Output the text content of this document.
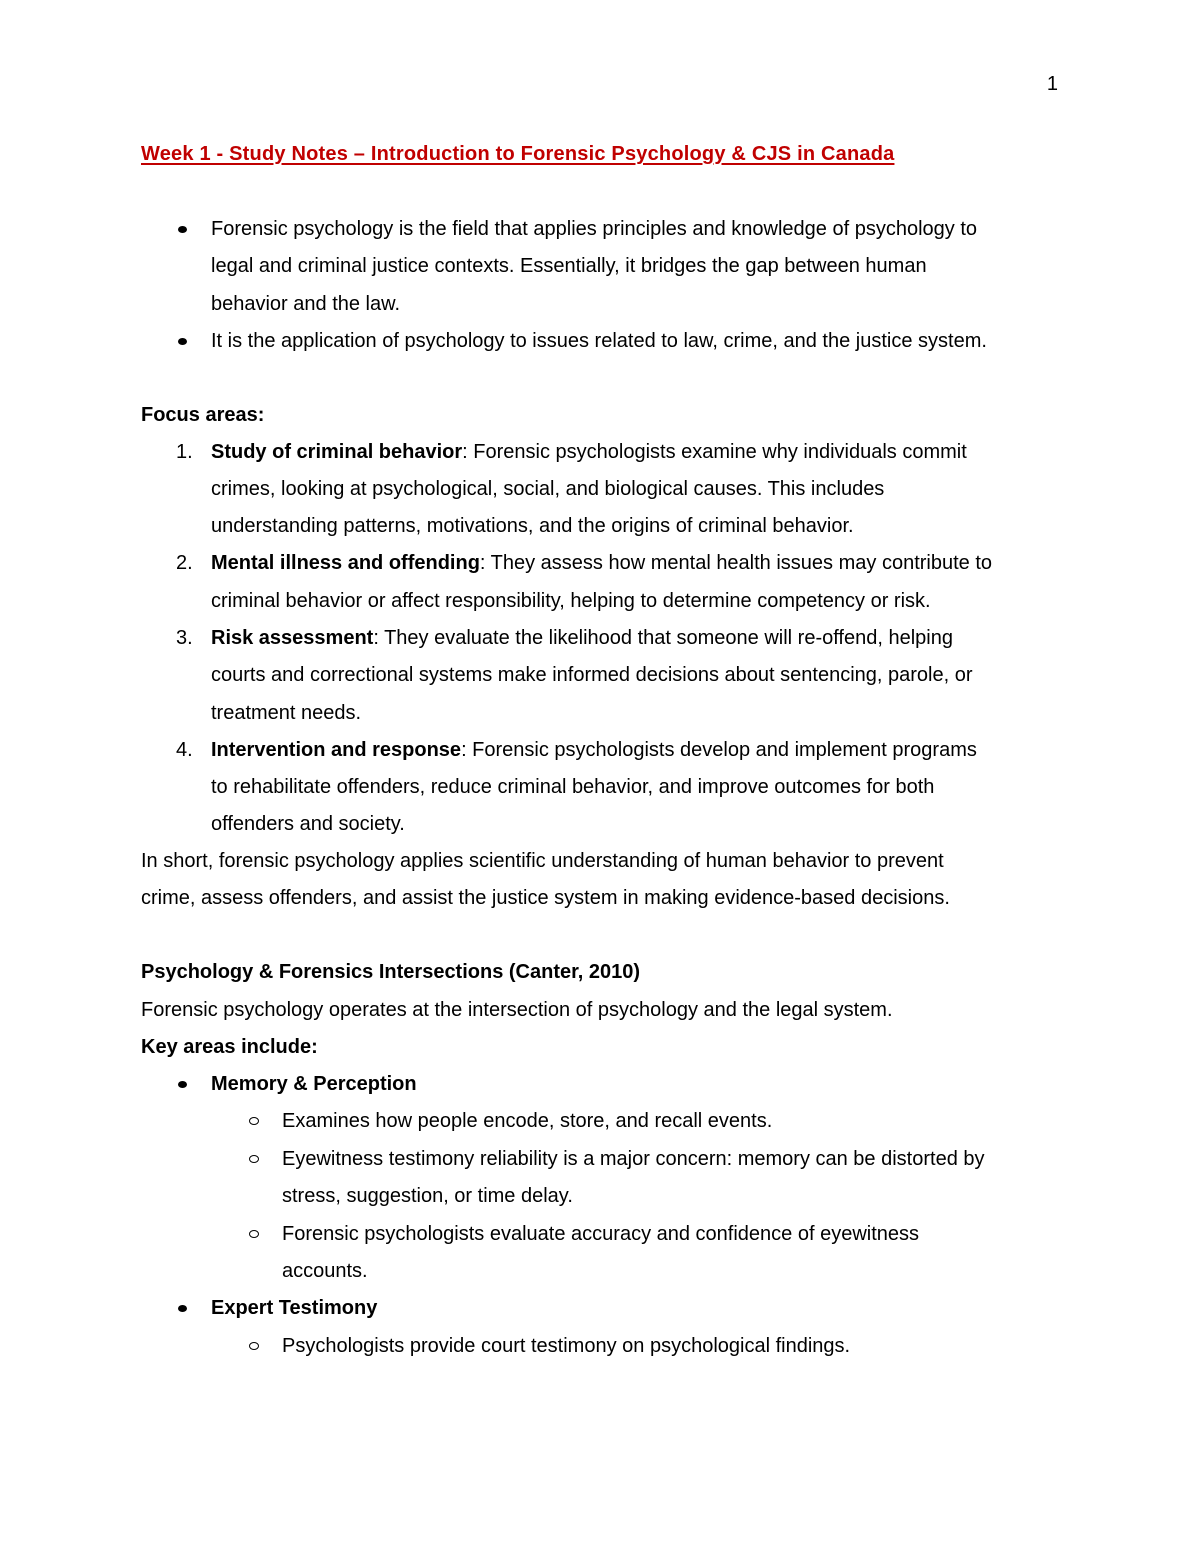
1
Week 1 - Study Notes – Introduction to Forensic Psychology & CJS in Canada
Forensic psychology is the field that applies principles and knowledge of psychology to
legal and criminal justice contexts. Essentially, it bridges the gap between human
behavior and the law.
It is the application of psychology to issues related to law, crime, and the justice system.
Focus areas:
1. Study of criminal behavior: Forensic psychologists examine why individuals commit
crimes, looking at psychological, social, and biological causes. This includes
understanding patterns, motivations, and the origins of criminal behavior.
2. Mental illness and offending: They assess how mental health issues may contribute to
criminal behavior or affect responsibility, helping to determine competency or risk.
3. Risk assessment: They evaluate the likelihood that someone will re-offend, helping
courts and correctional systems make informed decisions about sentencing, parole, or
treatment needs.
4. Intervention and response: Forensic psychologists develop and implement programs
to rehabilitate offenders, reduce criminal behavior, and improve outcomes for both
offenders and society.
In short, forensic psychology applies scientific understanding of human behavior to prevent
crime, assess offenders, and assist the justice system in making evidence-based decisions.
Psychology & Forensics Intersections (Canter, 2010)
Forensic psychology operates at the intersection of psychology and the legal system.
Key areas include:
Memory & Perception
Examines how people encode, store, and recall events.
Eyewitness testimony reliability is a major concern: memory can be distorted by
stress, suggestion, or time delay.
Forensic psychologists evaluate accuracy and confidence of eyewitness
accounts.
Expert Testimony
Psychologists provide court testimony on psychological findings.
